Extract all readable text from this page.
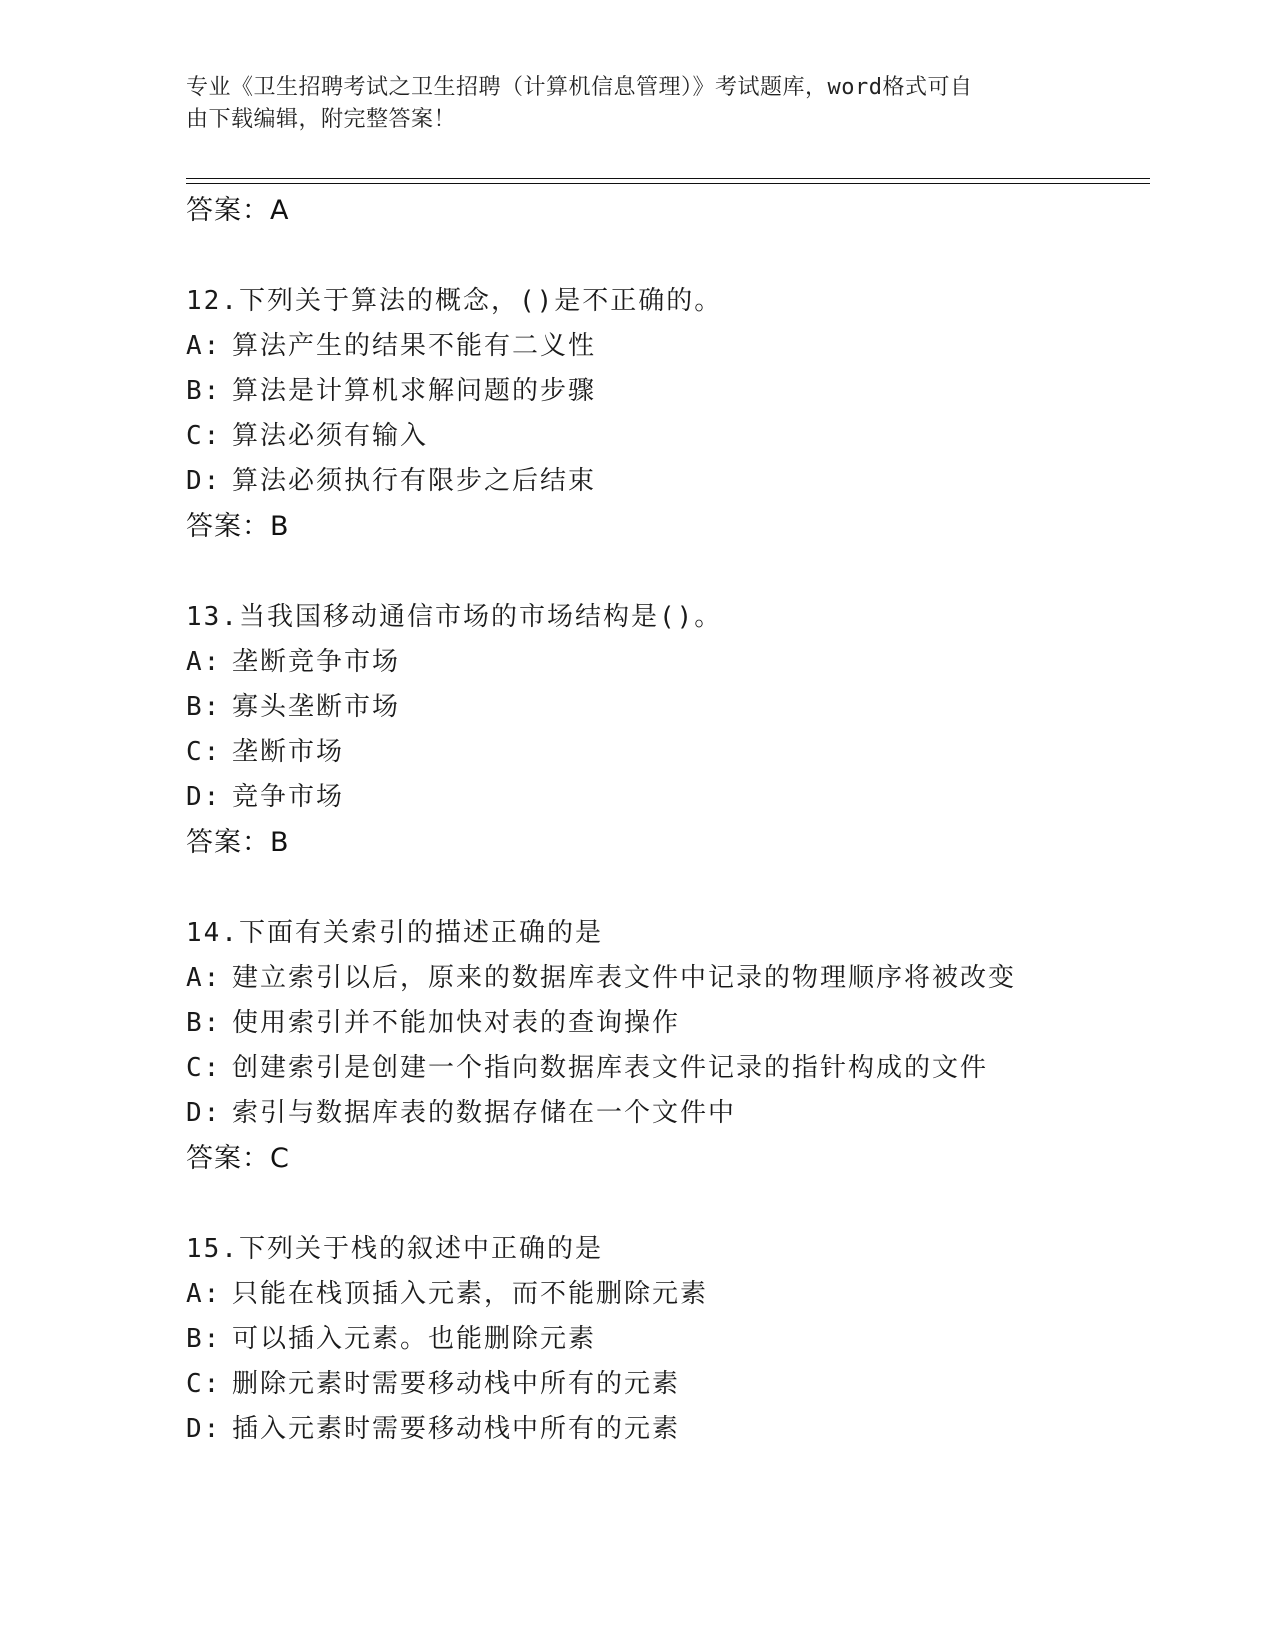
专业《卫生招聘考试之卫生招聘（计算机信息管理）》考试题库，word格式可自
由下载编辑，附完整答案！
答案：A
12.下列关于算法的概念，()是不正确的。
A: 算法产生的结果不能有二义性
B: 算法是计算机求解问题的步骤
C: 算法必须有输入
D: 算法必须执行有限步之后结束
答案：B
13.当我国移动通信市场的市场结构是()。
A: 垄断竞争市场
B: 寡头垄断市场
C: 垄断市场
D: 竞争市场
答案：B
14.下面有关索引的描述正确的是
A: 建立索引以后，原来的数据库表文件中记录的物理顺序将被改变
B: 使用索引并不能加快对表的查询操作
C: 创建索引是创建一个指向数据库表文件记录的指针构成的文件
D: 索引与数据库表的数据存储在一个文件中
答案：C
15.下列关于栈的叙述中正确的是
A: 只能在栈顶插入元素，而不能删除元素
B: 可以插入元素。也能删除元素
C: 删除元素时需要移动栈中所有的元素
D: 插入元素时需要移动栈中所有的元素
